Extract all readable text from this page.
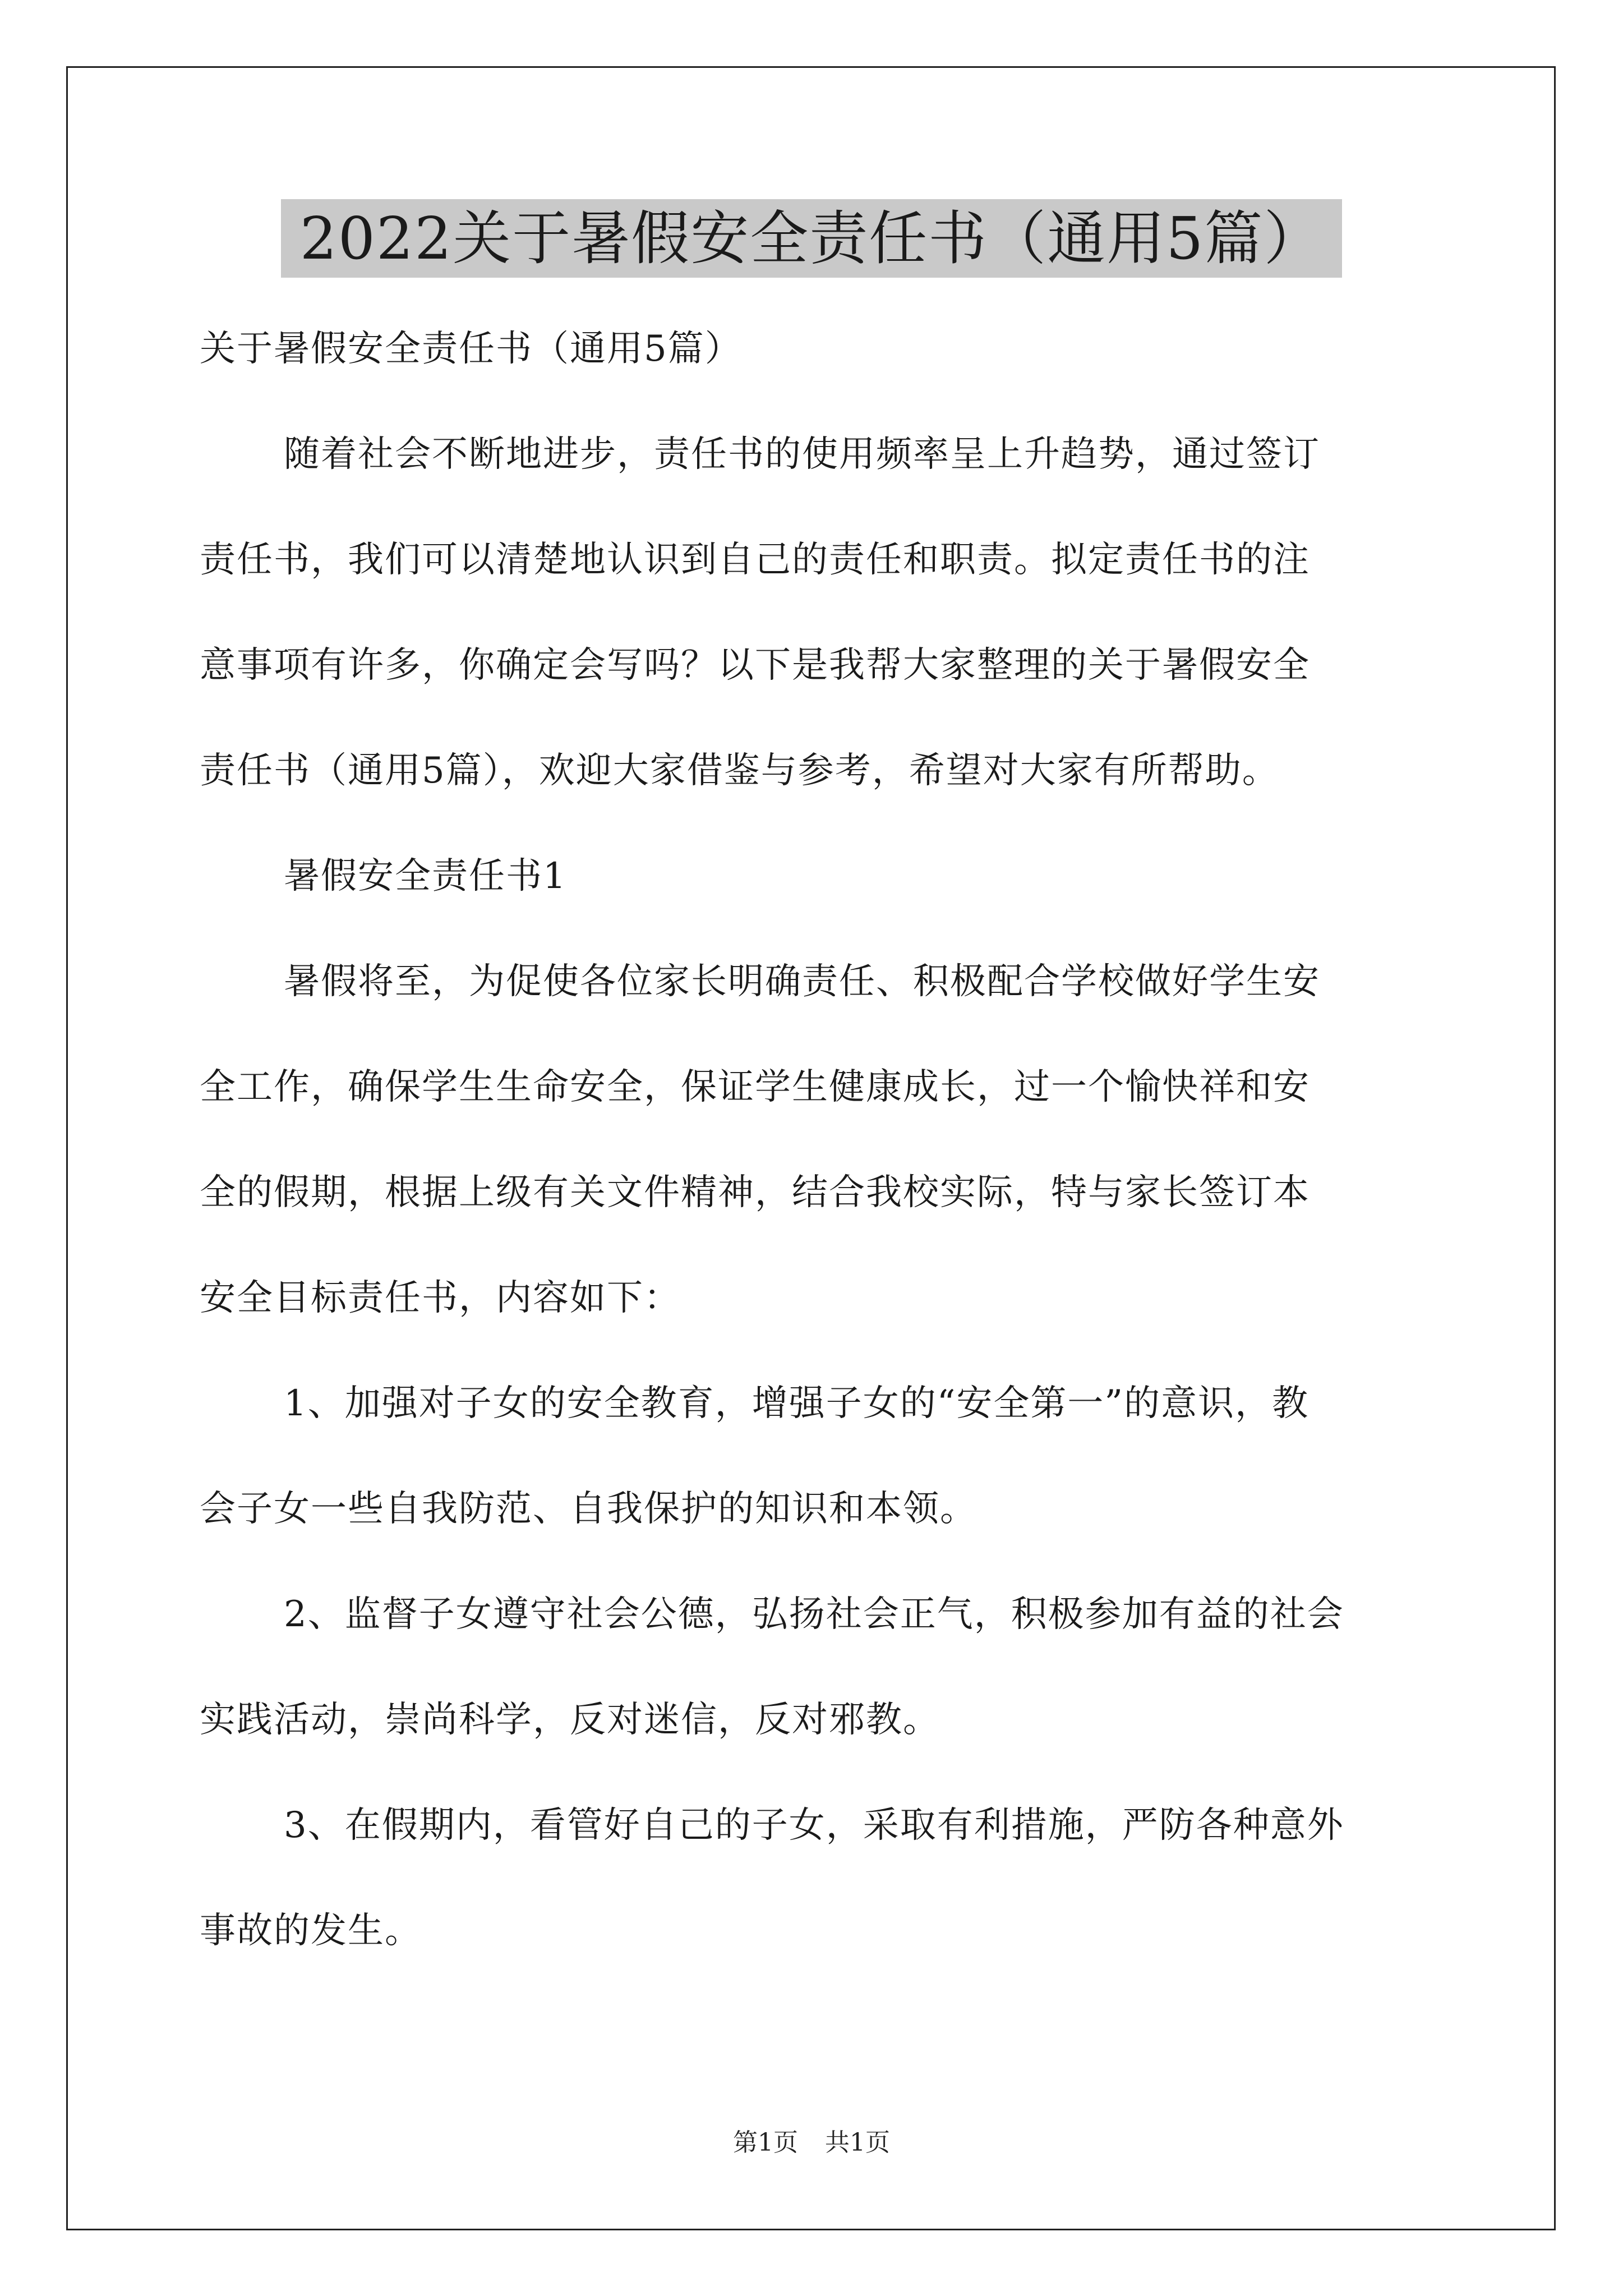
2022关于暑假安全责任书（通用5篇）

关于暑假安全责任书（通用5篇）

随着社会不断地进步，责任书的使用频率呈上升趋势，通过签订

责任书，我们可以清楚地认识到自己的责任和职责。拟定责任书的注

意事项有许多，你确定会写吗？以下是我帮大家整理的关于暑假安全

责任书（通用5篇），欢迎大家借鉴与参考，希望对大家有所帮助。

暑假安全责任书1

暑假将至，为促使各位家长明确责任、积极配合学校做好学生安

全工作，确保学生生命安全，保证学生健康成长，过一个愉快祥和安

全的假期，根据上级有关文件精神，结合我校实际，特与家长签订本

安全目标责任书，内容如下：

1、加强对子女的安全教育，增强子女的“安全第一”的意识，教

会子女一些自我防范、自我保护的知识和本领。

2、监督子女遵守社会公德，弘扬社会正气，积极参加有益的社会

实践活动，崇尚科学，反对迷信，反对邪教。

3、在假期内，看管好自己的子女，采取有利措施，严防各种意外

事故的发生。

第1页 共1页
